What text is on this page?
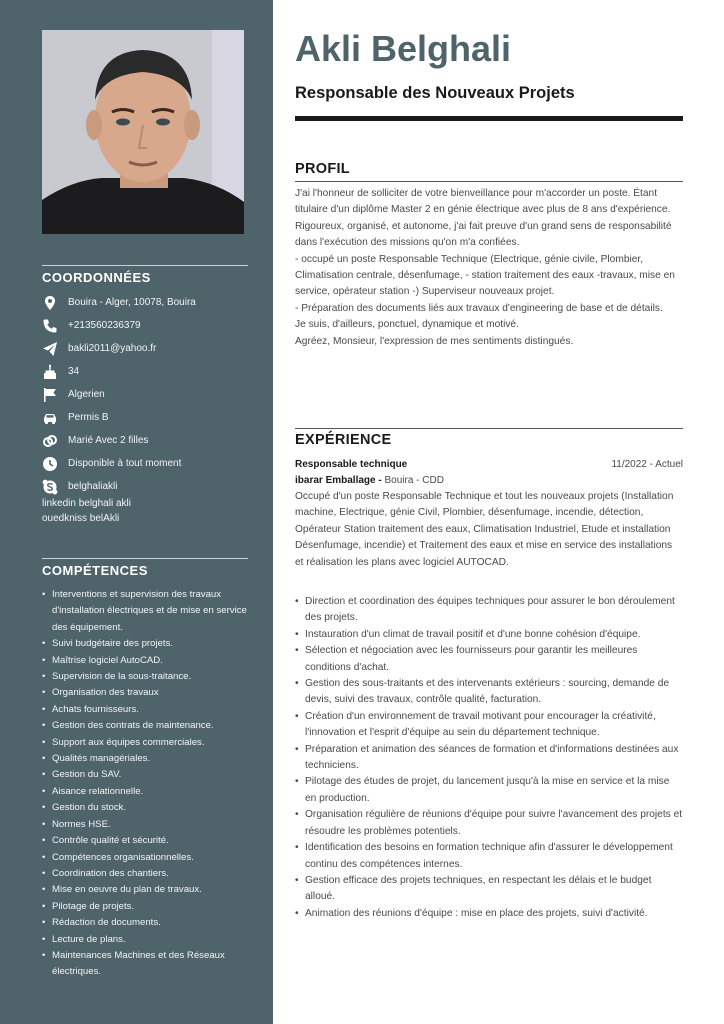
COORDONNÉES
Bouira - Alger, 10078, Bouira
+213560236379
bakli2011@yahoo.fr
34
Algerien
Permis B
Marié Avec 2 filles
Disponible à tout moment
belghaliakli
linkedin belghali akli
ouedkniss belAkli
COMPÉTENCES
• Interventions et supervision des travaux d'installation électriques et de mise en service des équipement.
• Suivi budgétaire des projets.
• Maîtrise logiciel AutoCAD.
• Supervision de la sous-traitance.
• Organisation des travaux
• Achats fournisseurs.
• Gestion des contrats de maintenance.
• Support aux équipes commerciales.
• Qualités managériales.
• Gestion du SAV.
• Aisance relationnelle.
• Gestion du stock.
• Normes HSE.
• Contrôle qualité et sécurité.
• Compétences organisationnelles.
• Coordination des chantiers.
• Mise en oeuvre du plan de travaux.
• Pilotage de projets.
• Rédaction de documents.
• Lecture de plans.
• Maintenances Machines et des Réseaux électriques.
Akli Belghali
Responsable des Nouveaux Projets
PROFIL

J'ai l'honneur de solliciter de votre bienveillance pour m'accorder un poste. Étant titulaire d'un diplôme Master 2 en génie électrique avec plus de 8 ans d'expérience.

Rigoureux, organisé, et autonome, j'ai fait preuve d'un grand sens de responsabilité dans l'exécution des missions qu'on m'a confiées.

- occupé un poste Responsable Technique (Electrique, génie civile, Plombier, Climatisation centrale, désenfumage, - station traitement des eaux -travaux, mise en service, opérateur station -) Superviseur nouveaux projet.

- Préparation des documents liés aux travaux d'engineering de base et de détails.

Je suis, d'ailleurs, ponctuel, dynamique et motivé.

Agréez, Monsieur, l'expression de mes sentiments distingués.

EXPÉRIENCE
Responsable technique	11/2022 - Actuel
ibarar Emballage - Bouira - CDD
Occupé d'un poste Responsable Technique et tout les nouveaux projets (Installation machine, Electrique, génie Civil, Plombier, désenfumage, incendie, détection, Opérateur Station traitement des eaux, Climatisation Industriel, Etude et installation Désenfumage, incendie) et Traitement des eaux et mise en service des installations et réalisation les plans avec logiciel AUTOCAD.
• Direction et coordination des équipes techniques pour assurer le bon déroulement des projets.
• Instauration d'un climat de travail positif et d'une bonne cohésion d'équipe.
• Sélection et négociation avec les fournisseurs pour garantir les meilleures conditions d'achat.
• Gestion des sous-traitants et des intervenants extérieurs : sourcing, demande de devis, suivi des travaux, contrôle qualité, facturation.
• Création d'un environnement de travail motivant pour encourager la créativité, l'innovation et l'esprit d'équipe au sein du département technique.
• Préparation et animation des séances de formation et d'informations destinées aux techniciens.
• Pilotage des études de projet, du lancement jusqu'à la mise en service et la mise en production.
• Organisation régulière de réunions d'équipe pour suivre l'avancement des projets et résoudre les problèmes potentiels.
• Identification des besoins en formation technique afin d'assurer le développement continu des compétences internes.
• Gestion efficace des projets techniques, en respectant les délais et le budget alloué.
• Animation des réunions d'équipe : mise en place des projets, suivi d'activité.
